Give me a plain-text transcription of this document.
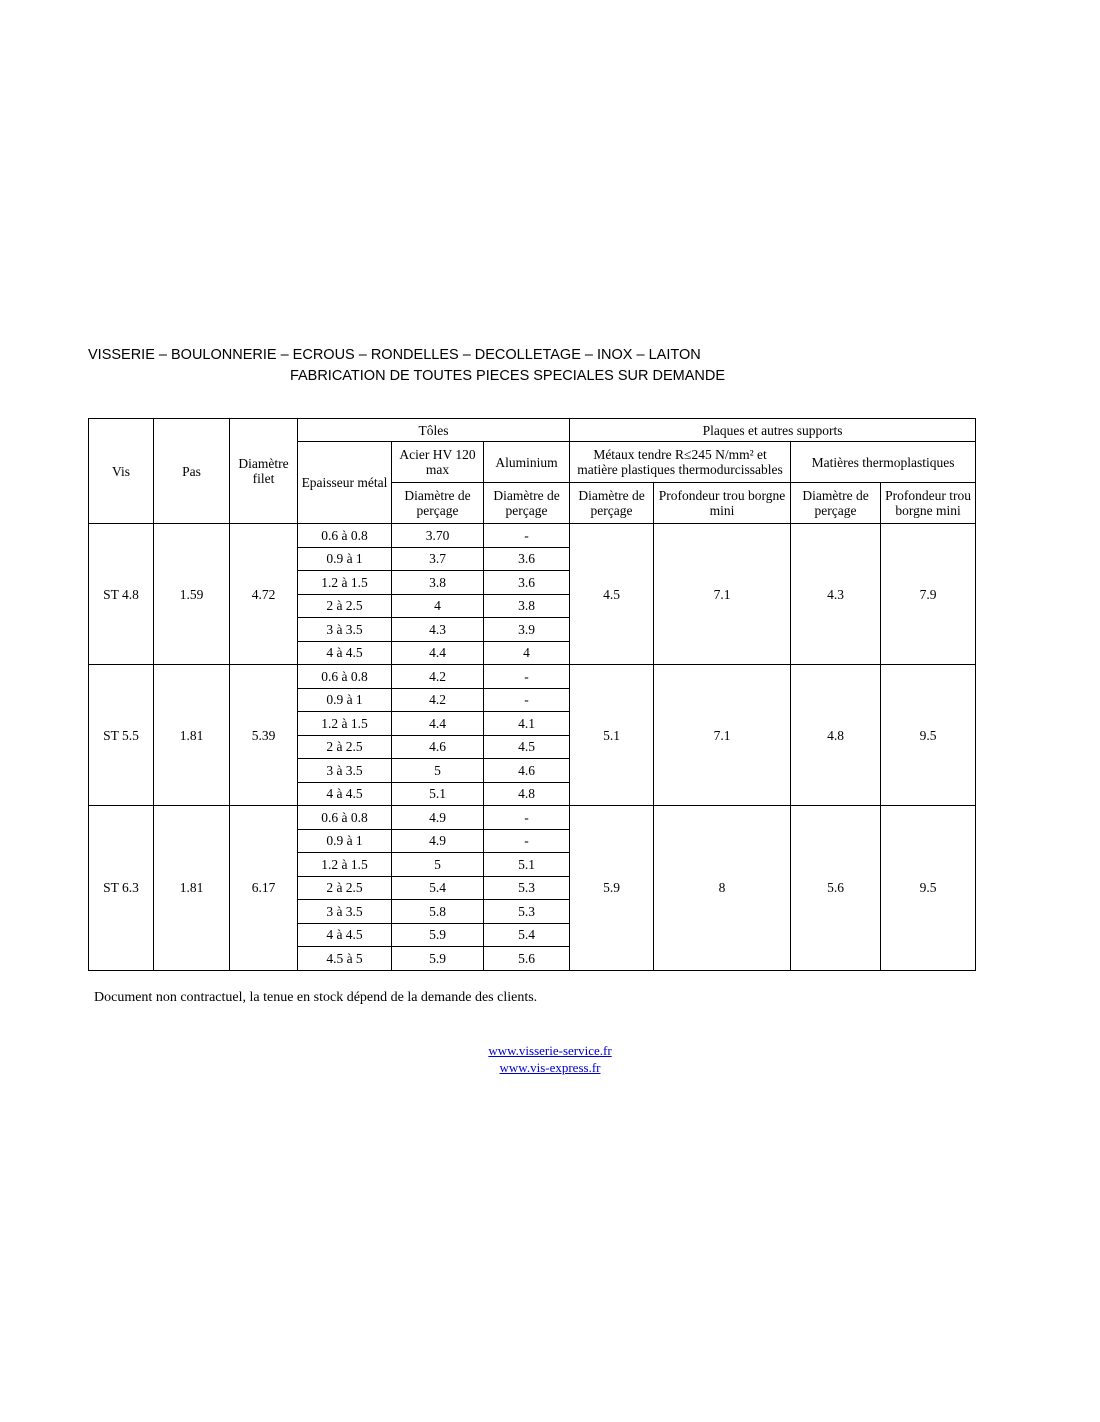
VISSERIE – BOULONNERIE – ECROUS – RONDELLES – DECOLLETAGE – INOX – LAITON
FABRICATION DE TOUTES PIECES SPECIALES SUR DEMANDE
Vis	Pas	Diamètre filet	Tôles			Plaques et autres supports			
			Epaisseur métal	Acier HV 120 max	Aluminium	Métaux tendre R≤245 N/mm² et matière plastiques thermodurcissables		Matières thermoplastiques	
				Diamètre de perçage	Diamètre de perçage	Diamètre de perçage	Profondeur trou borgne mini	Diamètre de perçage	Profondeur trou borgne mini
ST 4.8	1.59	4.72	0.6 à 0.8	3.70	-	4.5	7.1	4.3	7.9
			0.9 à 1	3.7	3.6				
			1.2 à 1.5	3.8	3.6				
			2 à 2.5	4	3.8				
			3 à 3.5	4.3	3.9				
			4 à 4.5	4.4	4				
ST 5.5	1.81	5.39	0.6 à 0.8	4.2	-	5.1	7.1	4.8	9.5
			0.9 à 1	4.2	-				
			1.2 à 1.5	4.4	4.1				
			2 à 2.5	4.6	4.5				
			3 à 3.5	5	4.6				
			4 à 4.5	5.1	4.8				
ST 6.3	1.81	6.17	0.6 à 0.8	4.9	-	5.9	8	5.6	9.5
			0.9 à 1	4.9	-				
			1.2 à 1.5	5	5.1				
			2 à 2.5	5.4	5.3				
			3 à 3.5	5.8	5.3				
			4 à 4.5	5.9	5.4				
			4.5 à 5	5.9	5.6				
Document non contractuel, la tenue en stock dépend de la demande des clients.
www.visserie-service.fr
www.vis-express.fr
